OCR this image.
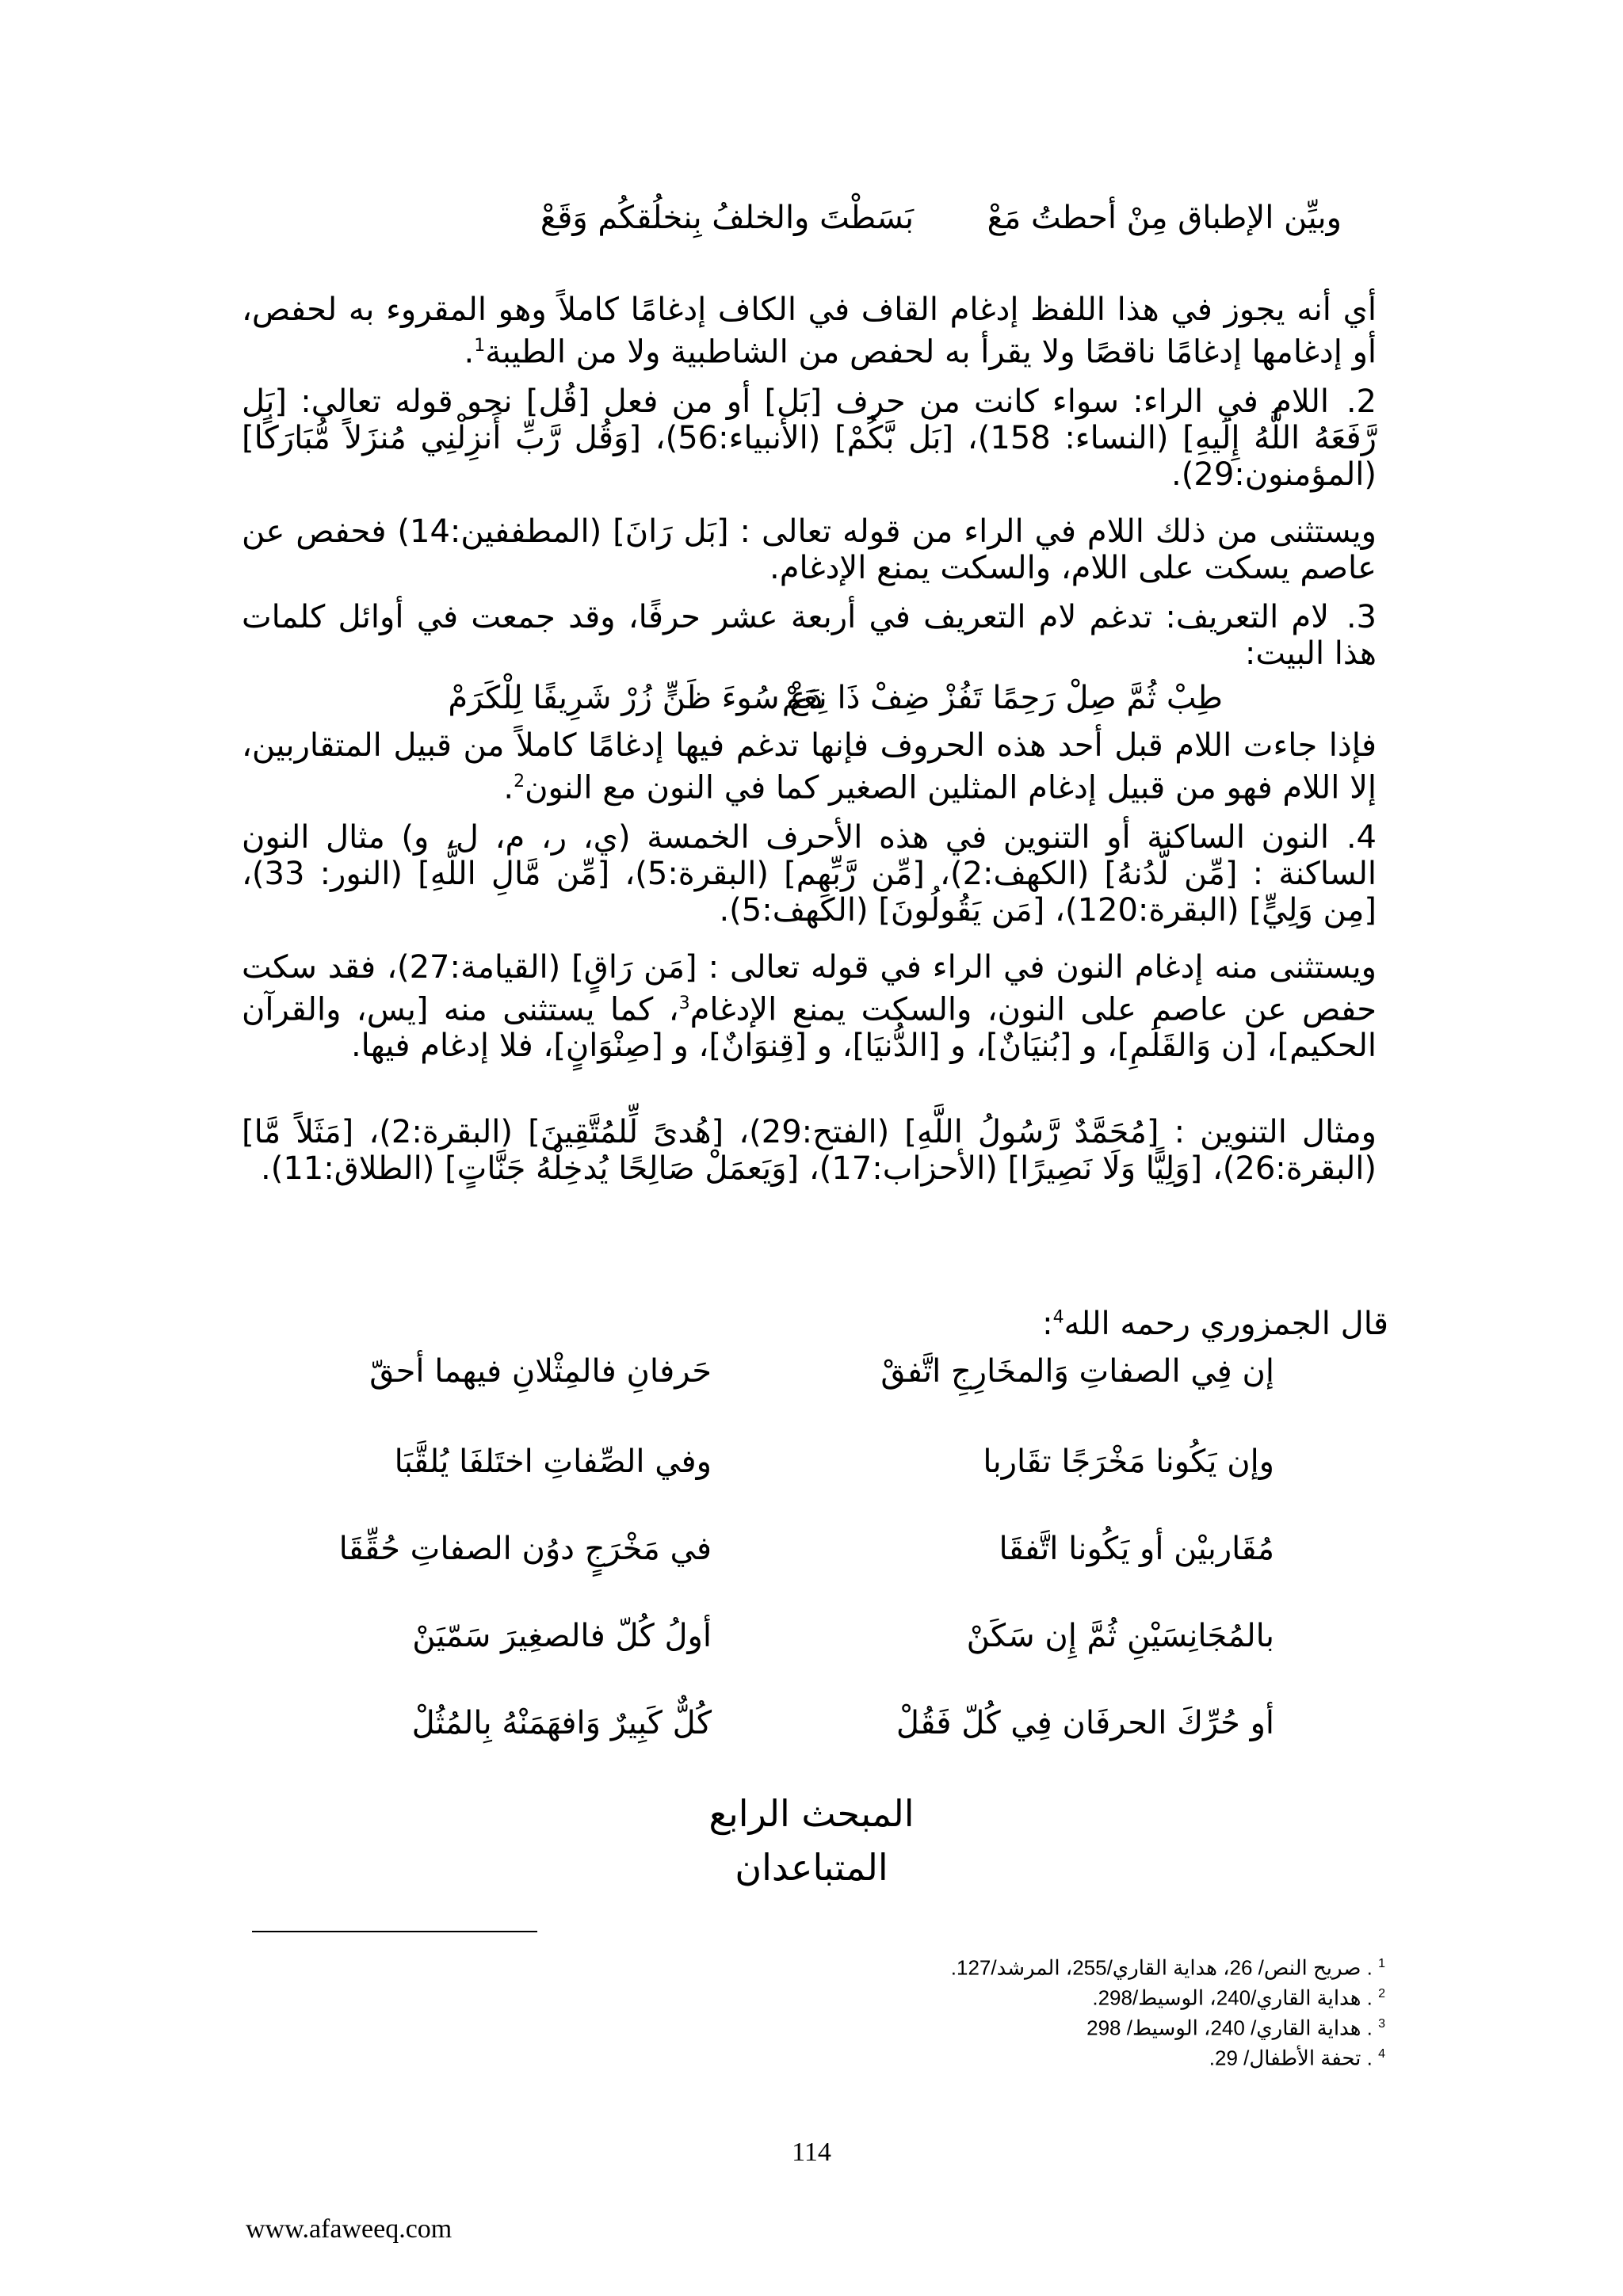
وبيِّن الإطباق مِنْ أحطتُ مَعْ
بَسَطْتَ والخلفُ بِنخلُقكُم وَقَعْ
أي أنه يجوز في هذا اللفظ إدغام القاف في الكاف إدغامًا كاملاً وهو المقروء به لحفص، أو إدغامها إدغامًا ناقصًا ولا يقرأ به لحفص من الشاطبية ولا من الطيبة$^1$.
2.اللام في الراء: سواء كانت من حرف [بَل] أو من فعل [قُل] نحو قوله تعالى: [بَل رَّفَعَهُ اللَّهُ إِلَيهِ] (النساء: 158)، [بَل بَّكُمْ] (الأنبياء:56)، [وَقُل رَّبِّ أَنزِلْنِي مُنزَلاً مُّبَارَكًا] (المؤمنون:29).
ويستثنى من ذلك اللام في الراء من قوله تعالى : [بَل رَانَ] (المطففين:14) فحفص عن عاصم يسكت على اللام، والسكت يمنع الإدغام.
3.لام التعريف: تدغم لام التعريف في أربعة عشر حرفًا، وقد جمعت في أوائل كلمات هذا البيت:
طِبْ ثُمَّ صِلْ رَحِمًا تَفُزْ ضِفْ ذَا نِعَمْ
دَعْ سُوءَ ظَنٍّ زُرْ شَرِيفًا لِلْكَرَمْ
فإذا جاءت اللام قبل أحد هذه الحروف فإنها تدغم فيها إدغامًا كاملاً من قبيل المتقاربين، إلا اللام فهو من قبيل إدغام المثلين الصغير كما في النون مع النون$^2$.
4.النون الساكنة أو التنوين في هذه الأحرف الخمسة (ي، ر، م، ل، و) مثال النون الساكنة : [مِّن لَّدُنهُ] (الكهف:2)، [مِّن رَّبِّهِم] (البقرة:5)، [مِّن مَّالِ اللَّهِ] (النور: 33)، [مِن وَلِيٍّ] (البقرة:120)، [مَن يَقُولُونَ] (الكهف:5).
ويستثنى منه إدغام النون في الراء في قوله تعالى : [مَن رَاقٍ] (القيامة:27)، فقد سكت حفص عن عاصم على النون، والسكت يمنع الإدغام$^3$، كما يستثنى منه [يس، والقرآن الحكيم]، [ن وَالقَلَمِ]، و [بُنيَانٌ]، و [الدُّنيَا]، و [قِنوَانٌ]، و [صِنْوَانٍ]، فلا إدغام فيها.
ومثال التنوين : [مُحَمَّدٌ رَّسُولُ اللَّهِ] (الفتح:29)، [هُدىً لِّلمُتَّقِينَ] (البقرة:2)، [مَثَلاً مَّا] (البقرة:26)، [وَلِيًّا وَلَا نَصِيرًا] (الأحزاب:17)، [وَيَعمَلْ صَالِحًا يُدخِلْهُ جَنَّاتٍ] (الطلاق:11).
قال الجمزوري رحمه الله$^4$:
إن فِي الصفاتِ وَالمخَارِجِ اتَّفقْ
حَرفانِ فالمِثْلانِ فيهما أحقّ
وإن يَكُونا مَخْرَجًا تقَاربا
وفي الصِّفاتِ اختَلفَا يُلقَّبَا
مُقَاربيْن أو يَكُونا اتَّفقَا
في مَخْرَجٍ دوُن الصفاتِ حُقِّقَا
بالمُجَانِسَيْنِ ثُمَّ إِن سَكَنْ
أولُ كُلّ فالصغِيرَ سَمّيَنْ
أو حُرِّكَ الحرفَان فِي كُلّ فَقُلْ
كُلٌّ كَبِيرٌ وَافهَمَنْهُ بِالمُثُلْ
المبحث الرابع
المتباعدان
$^1$ . صريح النص/ 26، هداية القاري/255، المرشد/127.
$^2$ . هداية القاري/240، الوسيط/298.
$^3$ . هداية القاري/ 240، الوسيط/ 298
$^4$ . تحفة الأطفال/ 29.
114
www.afaweeq.com
